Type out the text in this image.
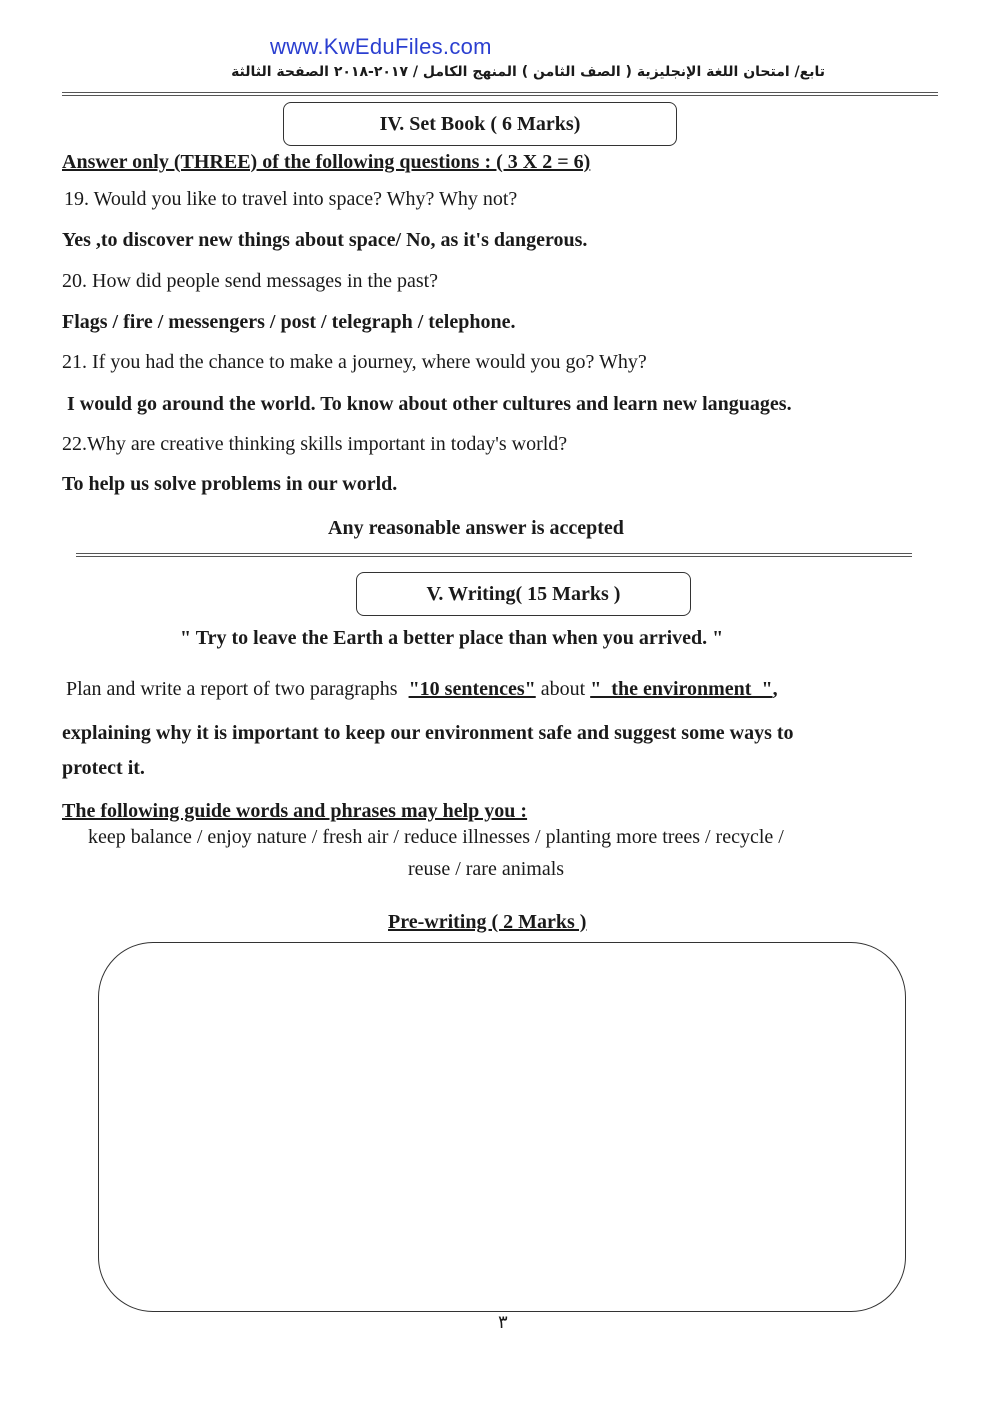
www.KwEduFiles.com
تابع/ امتحان اللغة الإنجليزية ( الصف الثامن ) المنهج الكامل / ٢٠١٧-٢٠١٨ الصفحة الثالثة
IV. Set Book ( 6 Marks)
Answer only (THREE) of the following questions : ( 3 X 2 = 6)
19. Would you like to travel into space? Why? Why not?
Yes ,to discover new things about space/ No, as it's dangerous.
20. How did people send messages in the past?
Flags / fire / messengers / post / telegraph / telephone.
21. If you had the chance to make a journey, where would you go? Why?
I would go around the world. To know about other cultures and learn new languages.
22.Why are creative thinking skills important in today's world?
To help us solve problems in our world.
Any reasonable answer is accepted
V. Writing( 15 Marks )
" Try to leave the Earth a better place than when you arrived. "
Plan and write a report of two paragraphs "10 sentences" about "  the environment  ",
explaining why it is important to keep our environment safe and suggest some ways to
protect it.
The following guide words and phrases may help you :
keep balance / enjoy nature / fresh air / reduce illnesses / planting more trees / recycle /
reuse / rare animals
Pre-writing ( 2 Marks )
٣
